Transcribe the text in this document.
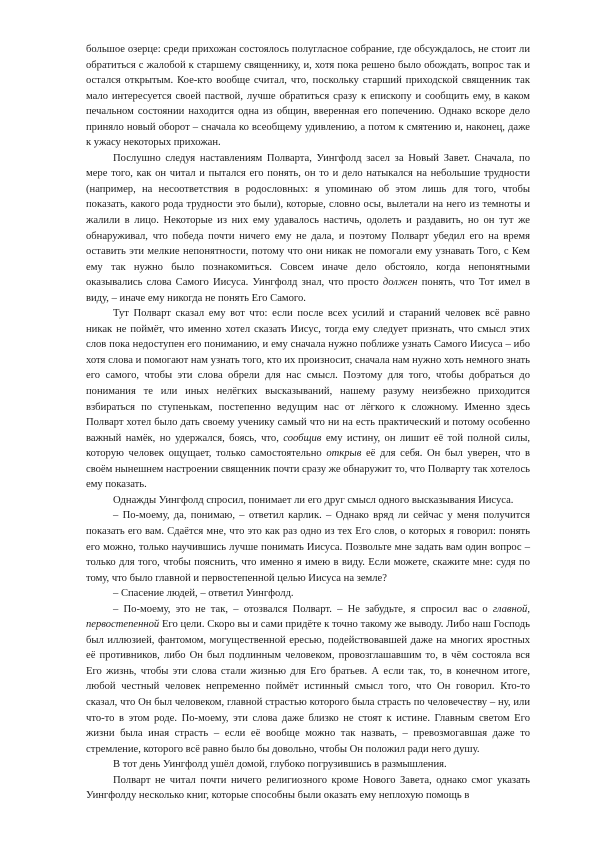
большое озерце: среди прихожан состоялось полугласное собрание, где обсуждалось, не стоит ли обратиться с жалобой к старшему священнику, и, хотя пока решено было обождать, вопрос так и остался открытым. Кое-кто вообще считал, что, поскольку старший приходской священник так мало интересуется своей паствой, лучше обратиться сразу к епископу и сообщить ему, в каком печальном состоянии находится одна из общин, вверенная его попечению. Однако вскоре дело приняло новый оборот – сначала ко всеобщему удивлению, а потом к смятению и, наконец, даже к ужасу некоторых прихожан.

Послушно следуя наставлениям Полварта, Уингфолд засел за Новый Завет. Сначала, по мере того, как он читал и пытался его понять, он то и дело натыкался на небольшие трудности (например, на несоответствия в родословных: я упоминаю об этом лишь для того, чтобы показать, какого рода трудности это были), которые, словно осы, вылетали на него из темноты и жалили в лицо. Некоторые из них ему удавалось настичь, одолеть и раздавить, но он тут же обнаруживал, что победа почти ничего ему не дала, и поэтому Полварт убедил его на время оставить эти мелкие непонятности, потому что они никак не помогали ему узнавать Того, с Кем ему так нужно было познакомиться. Совсем иначе дело обстояло, когда непонятными оказывались слова Самого Иисуса. Уингфолд знал, что просто должен понять, что Тот имел в виду, – иначе ему никогда не понять Его Самого.

Тут Полварт сказал ему вот что: если после всех усилий и стараний человек всё равно никак не поймёт, что именно хотел сказать Иисус, тогда ему следует признать, что смысл этих слов пока недоступен его пониманию, и ему сначала нужно поближе узнать Самого Иисуса – ибо хотя слова и помогают нам узнать того, кто их произносит, сначала нам нужно хоть немного знать его самого, чтобы эти слова обрели для нас смысл. Поэтому для того, чтобы добраться до понимания те или иных нелёгких высказываний, нашему разуму неизбежно приходится взбираться по ступенькам, постепенно ведущим нас от лёгкого к сложному. Именно здесь Полварт хотел было дать своему ученику самый что ни на есть практический и потому особенно важный намёк, но удержался, боясь, что, сообщив ему истину, он лишит её той полной силы, которую человек ощущает, только самостоятельно открыв её для себя. Он был уверен, что в своём нынешнем настроении священник почти сразу же обнаружит то, что Полварту так хотелось ему показать.

Однажды Уингфолд спросил, понимает ли его друг смысл одного высказывания Иисуса.

– По-моему, да, понимаю, – ответил карлик. – Однако вряд ли сейчас у меня получится показать его вам. Сдаётся мне, что это как раз одно из тех Его слов, о которых я говорил: понять его можно, только научившись лучше понимать Иисуса. Позвольте мне задать вам один вопрос – только для того, чтобы пояснить, что именно я имею в виду. Если можете, скажите мне: судя по тому, что было главной и первостепенной целью Иисуса на земле?

– Спасение людей, – ответил Уингфолд.

– По-моему, это не так, – отозвался Полварт. – Не забудьте, я спросил вас о главной, первостепенной Его цели. Скоро вы и сами придёте к точно такому же выводу. Либо наш Господь был иллюзией, фантомом, могущественной ересью, подействовавшей даже на многих яростных её противников, либо Он был подлинным человеком, провозглашавшим то, в чём состояла вся Его жизнь, чтобы эти слова стали жизнью для Его братьев. А если так, то, в конечном итоге, любой честный человек непременно поймёт истинный смысл того, что Он говорил. Кто-то сказал, что Он был человеком, главной страстью которого была страсть по человечеству – ну, или что-то в этом роде. По-моему, эти слова даже близко не стоят к истине. Главным светом Его жизни была иная страсть – если её вообще можно так назвать, – превозмогавшая даже то стремление, которого всё равно было бы довольно, чтобы Он положил ради него душу.

В тот день Уингфолд ушёл домой, глубоко погрузившись в размышления.

Полварт не читал почти ничего религиозного кроме Нового Завета, однако смог указать Уингфолду несколько книг, которые способны были оказать ему неплохую помощь в
